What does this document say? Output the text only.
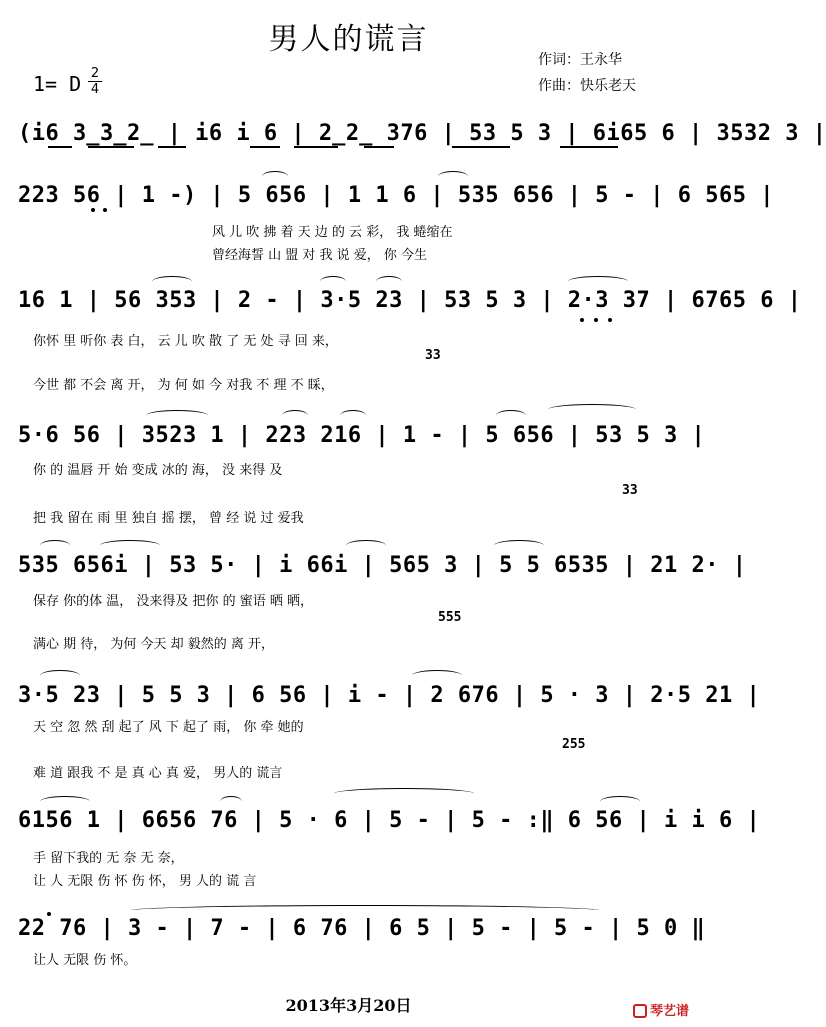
男人的谎言
作词：王永华
作曲：快乐老天
1= D $\frac{2}{4}$
(i6 3̲3̲2̲ | i6 i 6 | 2̲2̲ 376 | 53 5 3 | 6i65 6 | 3532 3 |
223 56 | 1 -) | 5 656 | 1 1 6 | 535 656 | 5 - | 6 565 |
风 儿 吹 拂 着 天 边 的 云 彩， 我 蜷缩在
曾经海誓 山 盟 对 我 说 爱， 你 今生
16 1 | 56 353 | 2 - | 3·5 23 | 53 5 3 | 2·3 37 | 6765 6 |
你怀 里 听你 表 白， 云 儿 吹 散 了 无 处 寻 回 来，
33
今世 都 不会 离 开， 为 何 如 今 对我 不 理 不 睬，
5·6 56 | 3523 1 | 223 216 | 1 - | 5 656 | 53 5 3 |
你 的 温唇 开 始 变成 冰的 海， 没 来得 及
33
把 我 留在 雨 里 独自 摇 摆， 曾 经 说 过 爱我
535 656i | 53 5· | i 66i | 565 3 | 5 5 6535 | 21 2· |
保存 你的体 温， 没来得及 把你 的 蜜语 晒 晒，
555
满心 期 待， 为何 今天 却 毅然的 离 开，
3·5 23 | 5 5 3 | 6 56 | i - | 2 676 | 5 · 3 | 2·5 21 |
天 空 忽 然 刮 起了 风 下 起了 雨， 你 牵 她的
255
难 道 跟我 不 是 真 心 真 爱， 男人的 谎言
6156 1 | 6656 76 | 5 · 6 | 5 - | 5 - :‖ 6 56 | i i 6 |
手 留下我的 无 奈 无 奈，
让 人 无限 伤 怀 伤 怀， 男 人的 谎 言
22 76 | 3 - | 7 - | 6 76 | 6 5 | 5 - | 5 - | 5 0 ‖
让人 无限 伤 怀。
2013年3月20日	琴艺谱
